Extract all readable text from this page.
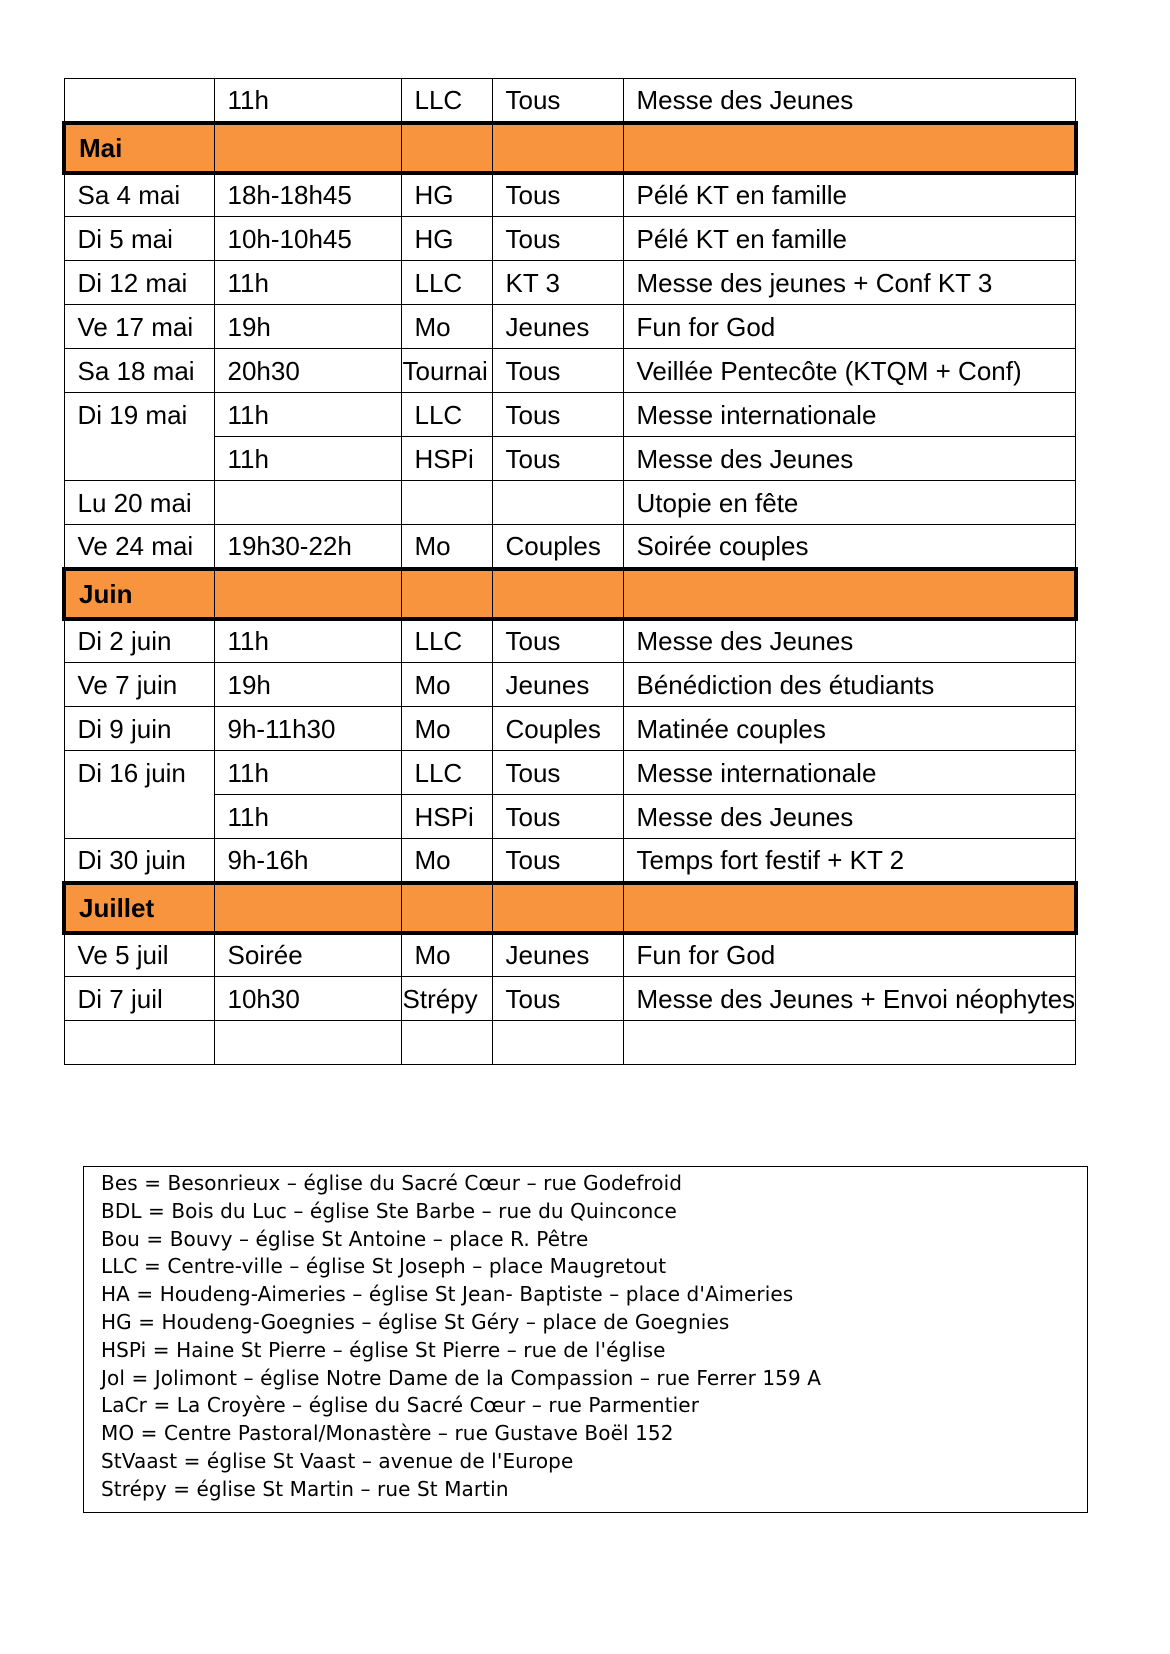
	11h	LLC	Tous	Messe des Jeunes
Mai				
Sa 4 mai	18h-18h45	HG	Tous	Pélé KT en famille
Di 5 mai	10h-10h45	HG	Tous	Pélé KT en famille
Di 12 mai	11h	LLC	KT 3	Messe des jeunes + Conf KT 3
Ve 17 mai	19h	Mo	Jeunes	Fun for God
Sa 18 mai	20h30	Tournai	Tous	Veillée Pentecôte (KTQM + Conf)
Di 19 mai	11h	LLC	Tous	Messe internationale
	11h	HSPi	Tous	Messe des Jeunes
Lu 20 mai				Utopie en fête
Ve 24 mai	19h30-22h	Mo	Couples	Soirée couples
Juin				
Di 2 juin	11h	LLC	Tous	Messe des Jeunes
Ve 7 juin	19h	Mo	Jeunes	Bénédiction des étudiants
Di 9 juin	9h-11h30	Mo	Couples	Matinée couples
Di 16 juin	11h	LLC	Tous	Messe internationale
	11h	HSPi	Tous	Messe des Jeunes
Di 30 juin	9h-16h	Mo	Tous	Temps fort festif + KT 2
Juillet				
Ve 5 juil	Soirée	Mo	Jeunes	Fun for God
Di 7 juil	10h30	Strépy	Tous	Messe des Jeunes + Envoi néophytes

Bes = Besonrieux – église du Sacré Cœur – rue Godefroid
BDL = Bois du Luc – église Ste Barbe – rue du Quinconce
Bou = Bouvy – église St Antoine – place R. Pêtre
LLC = Centre-ville – église St Joseph – place Maugretout
HA = Houdeng-Aimeries – église St Jean- Baptiste – place d'Aimeries
HG = Houdeng-Goegnies – église St Géry – place de Goegnies
HSPi = Haine St Pierre – église St Pierre – rue de l'église
Jol = Jolimont – église Notre Dame de la Compassion – rue Ferrer 159 A
LaCr = La Croyère – église du Sacré Cœur – rue Parmentier
MO = Centre Pastoral/Monastère – rue Gustave Boël 152
StVaast = église St Vaast – avenue de l'Europe
Strépy = église St Martin – rue St Martin
